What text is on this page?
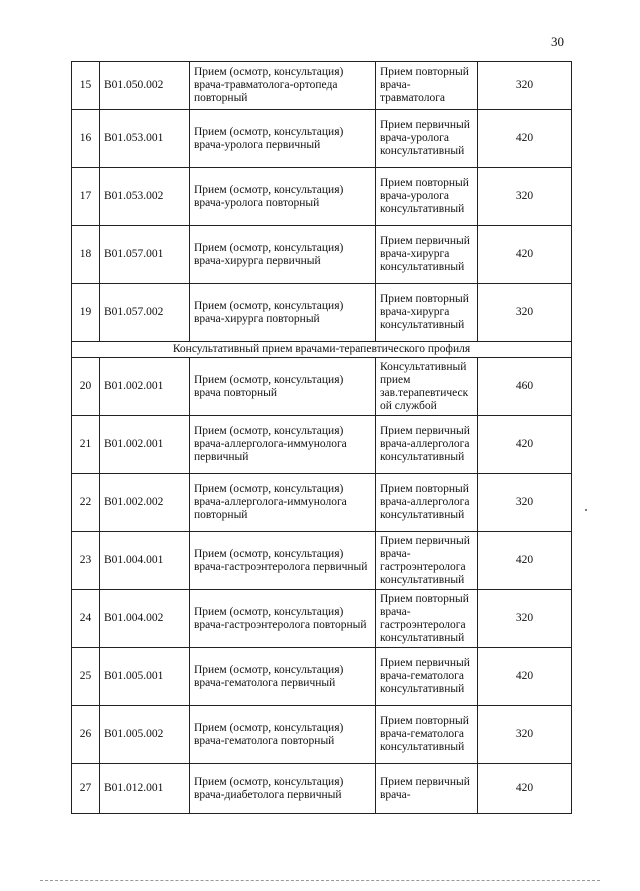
30
15	B01.050.002	Прием (осмотр, консультация) врача-травматолога-ортопеда повторный	Прием повторный врача-травматолога	320
16	B01.053.001	Прием (осмотр, консультация) врача-уролога первичный	Прием первичный врача-уролога консультативный	420
17	B01.053.002	Прием (осмотр, консультация) врача-уролога повторный	Прием повторный врача-уролога консультативный	320
18	B01.057.001	Прием (осмотр, консультация) врача-хирурга первичный	Прием первичный врача-хирурга консультативный	420
19	B01.057.002	Прием (осмотр, консультация) врача-хирурга повторный	Прием повторный врача-хирурга консультативный	320
Консультативный прием врачами-терапевтического профиля				
20	B01.002.001	Прием (осмотр, консультация) врача повторный	Консультативный прием зав.терапевтическ ой службой	460
21	B01.002.001	Прием (осмотр, консультация) врача-аллерголога-иммунолога первичный	Прием первичный врача-аллерголога консультативный	420
22	B01.002.002	Прием (осмотр, консультация) врача-аллерголога-иммунолога повторный	Прием повторный врача-аллерголога консультативный	320
23	B01.004.001	Прием (осмотр, консультация) врача-гастроэнтеролога первичный	Прием первичный врача-гастроэнтеролога консультативный	420
24	B01.004.002	Прием (осмотр, консультация) врача-гастроэнтеролога повторный	Прием повторный врача-гастроэнтеролога консультативный	320
25	B01.005.001	Прием (осмотр, консультация) врача-гематолога первичный	Прием первичный врача-гематолога консультативный	420
26	B01.005.002	Прием (осмотр, консультация) врача-гематолога повторный	Прием повторный врача-гематолога консультативный	320
27	B01.012.001	Прием (осмотр, консультация) врача-диабетолога первичный	Прием первичный врача-	420
